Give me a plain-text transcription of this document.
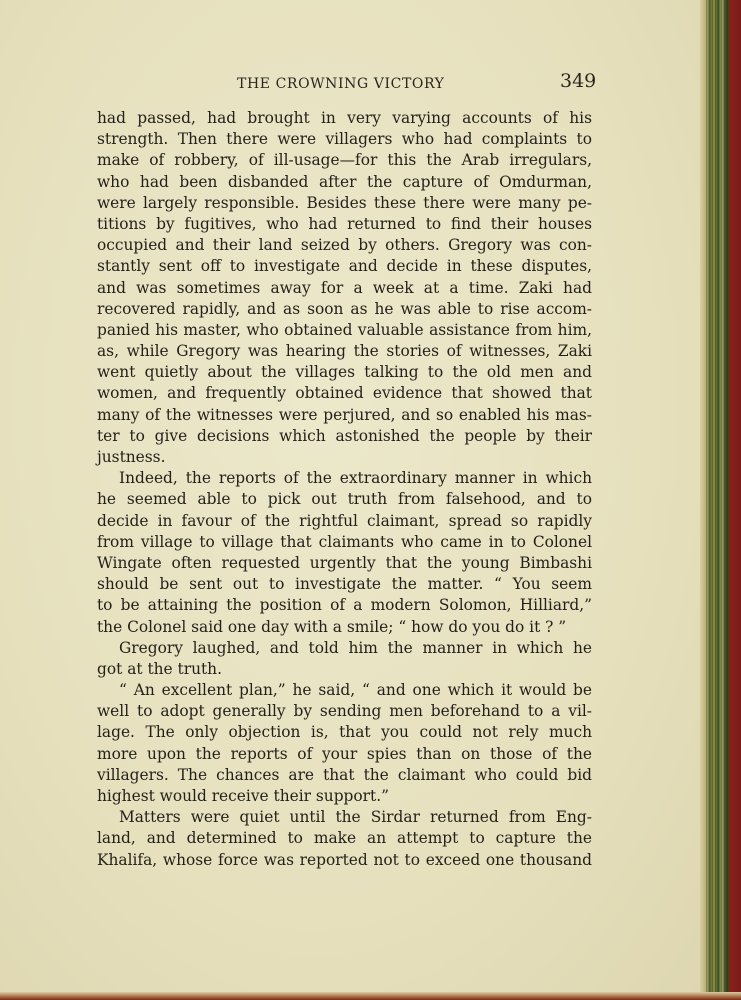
THE CROWNING VICTORY	349
had passed, had brought in very varying accounts of his
strength. Then there were villagers who had complaints to
make of robbery, of ill-usage—for this the Arab irregulars,
who had been disbanded after the capture of Omdurman,
were largely responsible. Besides these there were many pe-
titions by fugitives, who had returned to find their houses
occupied and their land seized by others. Gregory was con-
stantly sent off to investigate and decide in these disputes,
and was sometimes away for a week at a time. Zaki had
recovered rapidly, and as soon as he was able to rise accom-
panied his master, who obtained valuable assistance from him,
as, while Gregory was hearing the stories of witnesses, Zaki
went quietly about the villages talking to the old men and
women, and frequently obtained evidence that showed that
many of the witnesses were perjured, and so enabled his mas-
ter to give decisions which astonished the people by their
justness.
Indeed, the reports of the extraordinary manner in which
he seemed able to pick out truth from falsehood, and to
decide in favour of the rightful claimant, spread so rapidly
from village to village that claimants who came in to Colonel
Wingate often requested urgently that the young Bimbashi
should be sent out to investigate the matter. “ You seem
to be attaining the position of a modern Solomon, Hilliard,”
the Colonel said one day with a smile; “ how do you do it ? ”
Gregory laughed, and told him the manner in which he
got at the truth.
“ An excellent plan,” he said, “ and one which it would be
well to adopt generally by sending men beforehand to a vil-
lage. The only objection is, that you could not rely much
more upon the reports of your spies than on those of the
villagers. The chances are that the claimant who could bid
highest would receive their support.”
Matters were quiet until the Sirdar returned from Eng-
land, and determined to make an attempt to capture the
Khalifa, whose force was reported not to exceed one thousand
